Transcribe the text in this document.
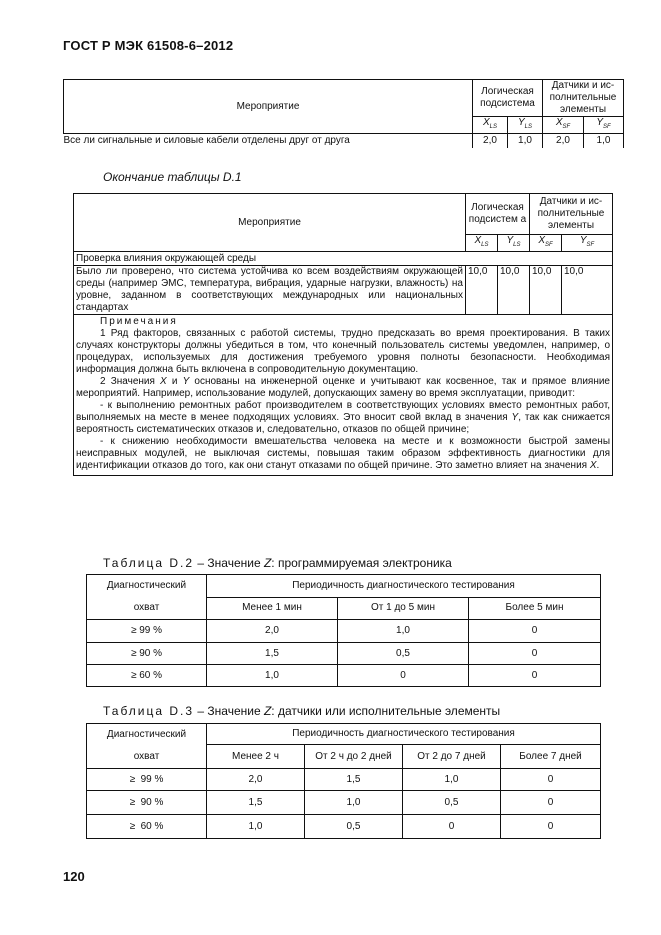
ГОСТ Р МЭК 61508-6–2012
Мероприятие	Логическая подсистема		Датчики и ис-полнительные элементы	
	$X_{LS}$	$Y_{LS}$	$X_{SF}$	$Y_{SF}$
Все ли сигнальные и силовые кабели отделены друг от друга	2,0	1,0	2,0	1,0
Окончание таблицы D.1
Мероприятие	Логическая подсистем а		Датчики и ис-полнительные элементы	
	$X_{LS}$	$Y_{LS}$	$X_{SF}$	$Y_{SF}$
Проверка влияния окружающей среды				
Было ли проверено, что система устойчива ко всем воздействиям окружающей среды (например ЭМС, температура, вибрация, ударные нагрузки, влажность) на уровне, заданном в соответствующих международных или национальных стандартах	10,0	10,0	10,0	10,0

Примечания

1 Ряд факторов, связанных с работой системы, трудно предсказать во время проектирования. В таких случаях конструкторы должны убедиться в том, что конечный пользователь системы уведомлен, например, о процедурах, используемых для достижения требуемого уровня полноты безопасности. Необходимая информация должна быть включена в сопроводительную документацию.

2 Значения X и Y основаны на инженерной оценке и учитывают как косвенное, так и прямое влияние мероприятий. Например, использование модулей, допускающих замену во время эксплуатации, приводит:

- к выполнению ремонтных работ производителем в соответствующих условиях вместо ремонтных работ, выполняемых на месте в менее подходящих условиях. Это вносит свой вклад в значения Y, так как снижается вероятность систематических отказов и, следовательно, отказов по общей причине;

- к снижению необходимости вмешательства человека на месте и к возможности быстрой замены неисправных модулей, не выключая системы, повышая таким образом эффективность диагностики для идентификации отказов до того, как они станут отказами по общей причине. Это заметно влияет на значения X.				

Таблица D.2 – Значение Z: программируемая электроника
Диагностический
охват	Периодичность диагностического тестирования		
	Менее 1 мин	От 1 до 5 мин	Более 5 мин
≥ 99 %	2,0	1,0	0
≥ 90 %	1,5	0,5	0
≥ 60 %	1,0	0	0
Таблица D.3 – Значение Z: датчики или исполнительные элементы
Диагностический
охват	Периодичность диагностического тестирования			
	Менее 2 ч	От 2 ч до 2 дней	От 2 до 7 дней	Более 7 дней
≥  99 %	2,0	1,5	1,0	0
≥  90 %	1,5	1,0	0,5	0
≥  60 %	1,0	0,5	0	0
120
